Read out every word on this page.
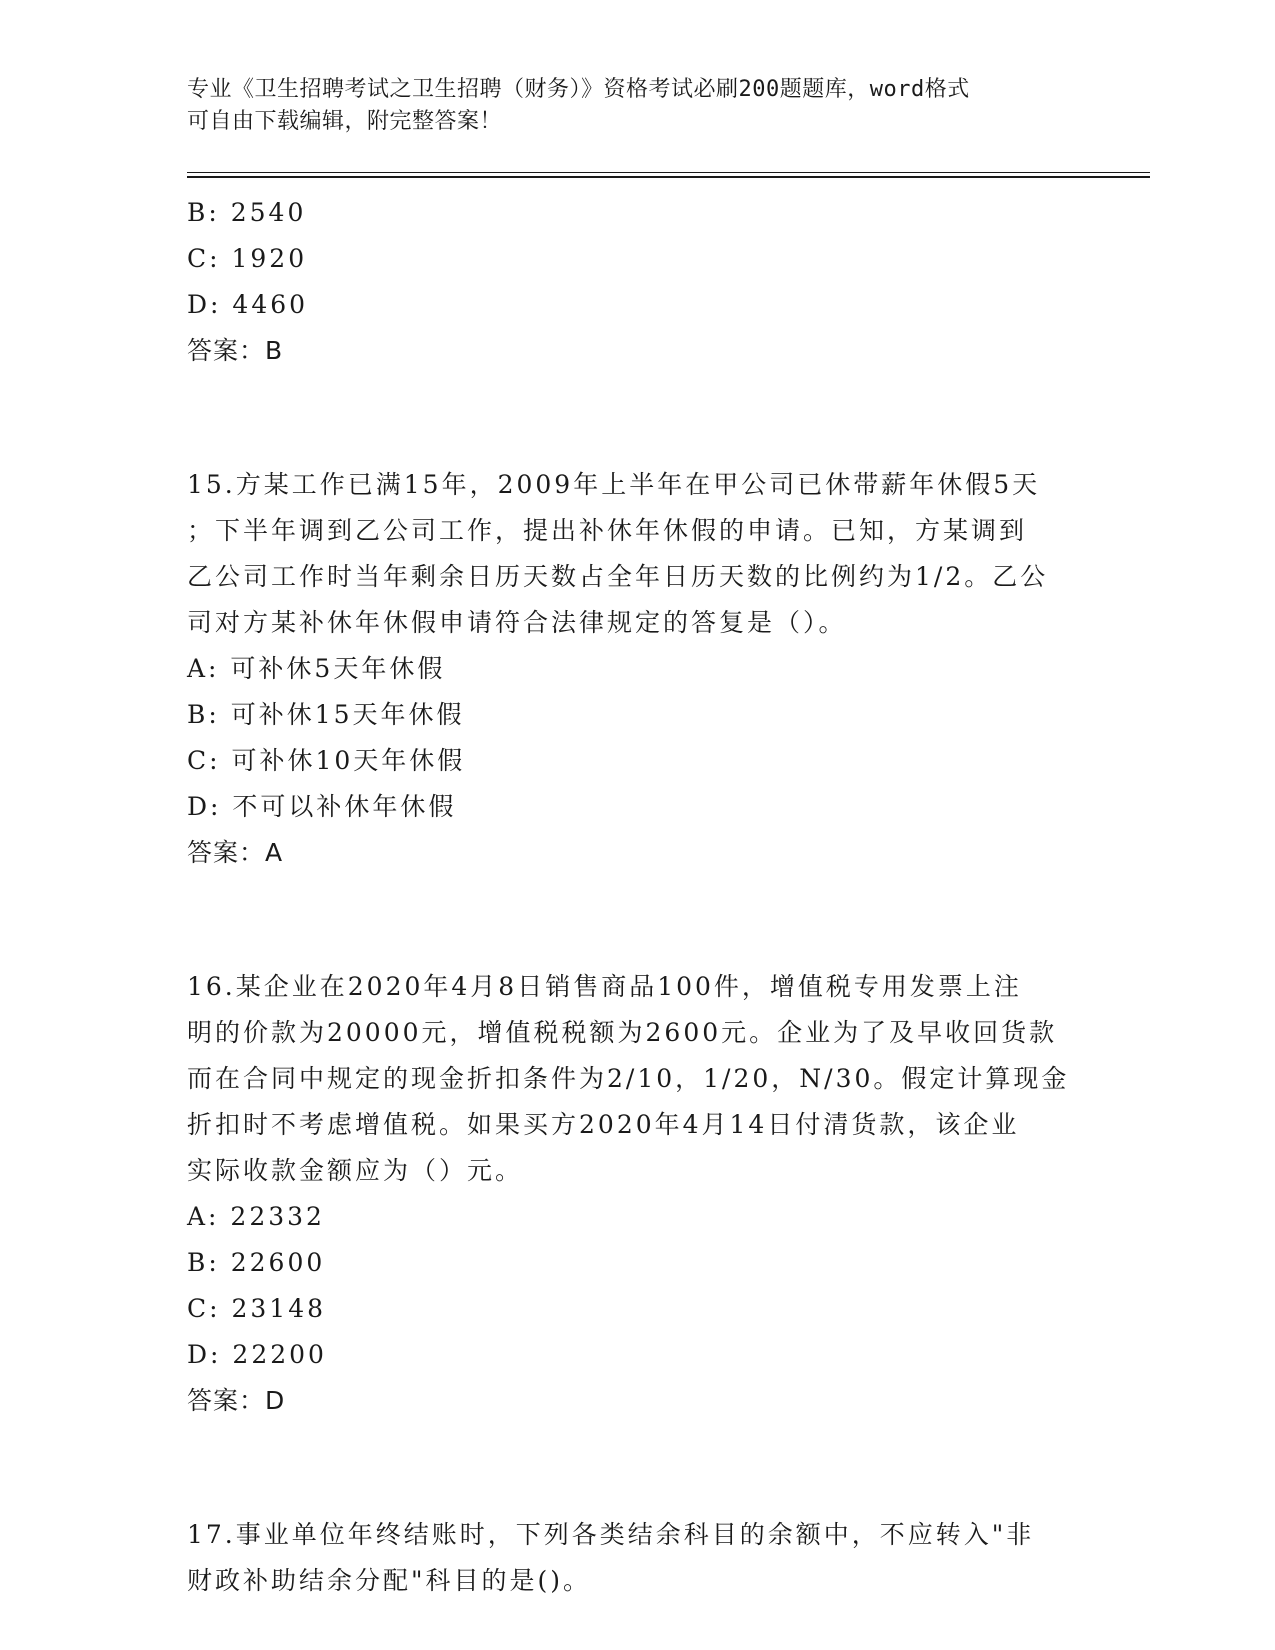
专业《卫生招聘考试之卫生招聘（财务）》资格考试必刷200题题库，word格式
可自由下载编辑，附完整答案！
B: 2540
C: 1920
D: 4460
答案：B
15.方某工作已满15年，2009年上半年在甲公司已休带薪年休假5天
；下半年调到乙公司工作，提出补休年休假的申请。已知，方某调到
乙公司工作时当年剩余日历天数占全年日历天数的比例约为1/2。乙公
司对方某补休年休假申请符合法律规定的答复是（）。
A: 可补休5天年休假
B: 可补休15天年休假
C: 可补休10天年休假
D: 不可以补休年休假
答案：A
16.某企业在2020年4月8日销售商品100件，增值税专用发票上注
明的价款为20000元，增值税税额为2600元。企业为了及早收回货款
而在合同中规定的现金折扣条件为2/10，1/20，N/30。假定计算现金
折扣时不考虑增值税。如果买方2020年4月14日付清货款，该企业
实际收款金额应为（）元。
A: 22332
B: 22600
C: 23148
D: 22200
答案：D
17.事业单位年终结账时，下列各类结余科目的余额中，不应转入"非
财政补助结余分配"科目的是()。
